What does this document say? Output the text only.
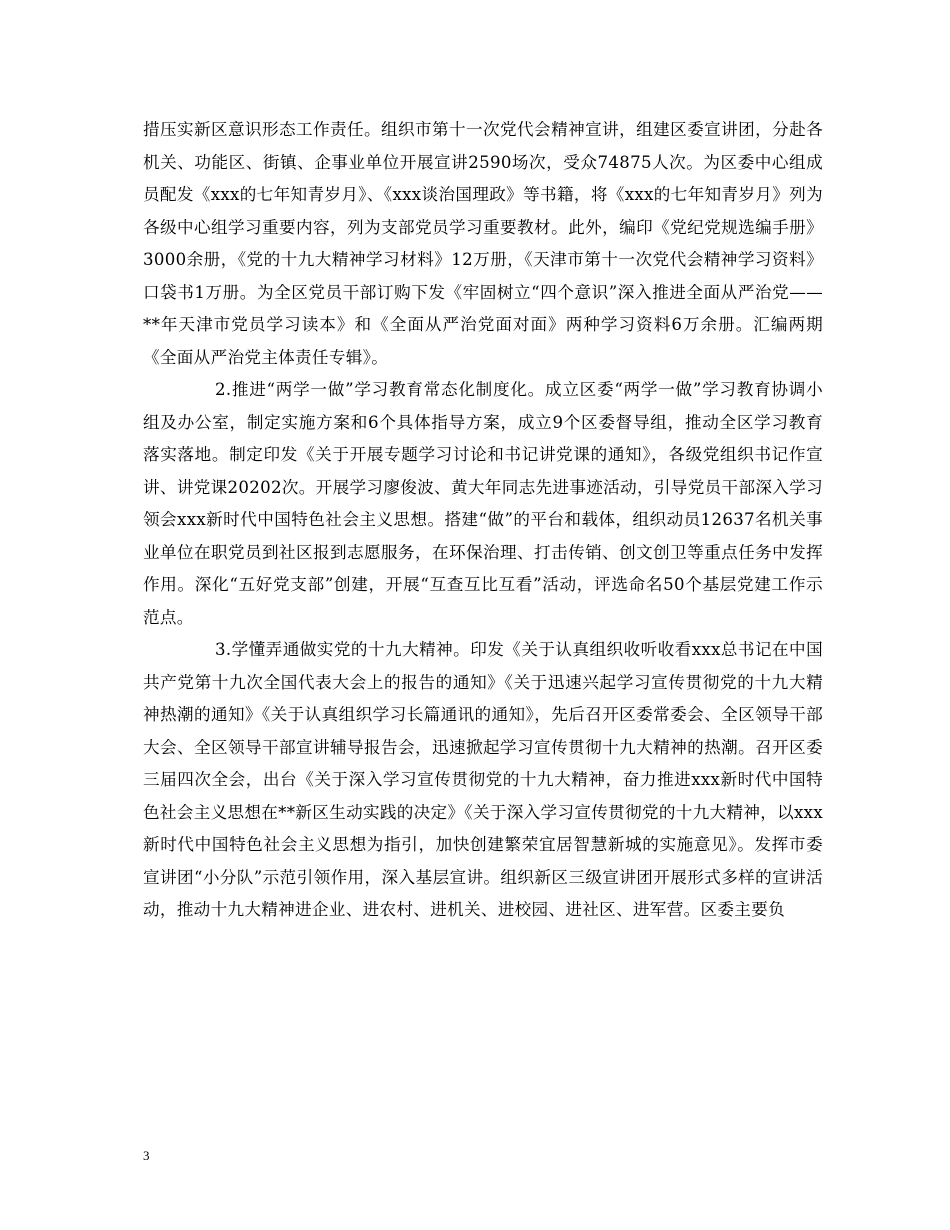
措压实新区意识形态工作责任。组织市第十一次党代会精神宣讲，组建区委宣讲团，分赴各机关、功能区、街镇、企事业单位开展宣讲2590场次，受众74875人次。为区委中心组成员配发《xxx的七年知青岁月》、《xxx谈治国理政》等书籍，将《xxx的七年知青岁月》列为各级中心组学习重要内容，列为支部党员学习重要教材。此外，编印《党纪党规选编手册》3000余册，《党的十九大精神学习材料》12万册，《天津市第十一次党代会精神学习资料》口袋书1万册。为全区党员干部订购下发《牢固树立“四个意识”深入推进全面从严治党——**年天津市党员学习读本》和《全面从严治党面对面》两种学习资料6万余册。汇编两期《全面从严治党主体责任专辑》。

2.推进“两学一做”学习教育常态化制度化。成立区委“两学一做”学习教育协调小组及办公室，制定实施方案和6个具体指导方案，成立9个区委督导组，推动全区学习教育落实落地。制定印发《关于开展专题学习讨论和书记讲党课的通知》，各级党组织书记作宣讲、讲党课20202次。开展学习廖俊波、黄大年同志先进事迹活动，引导党员干部深入学习领会xxx新时代中国特色社会主义思想。搭建“做”的平台和载体，组织动员12637名机关事业单位在职党员到社区报到志愿服务，在环保治理、打击传销、创文创卫等重点任务中发挥作用。深化“五好党支部”创建，开展“互查互比互看”活动，评选命名50个基层党建工作示范点。

3.学懂弄通做实党的十九大精神。印发《关于认真组织收听收看xxx总书记在中国共产党第十九次全国代表大会上的报告的通知》《关于迅速兴起学习宣传贯彻党的十九大精神热潮的通知》《关于认真组织学习长篇通讯的通知》，先后召开区委常委会、全区领导干部大会、全区领导干部宣讲辅导报告会，迅速掀起学习宣传贯彻十九大精神的热潮。召开区委三届四次全会，出台《关于深入学习宣传贯彻党的十九大精神，奋力推进xxx新时代中国特色社会主义思想在**新区生动实践的决定》《关于深入学习宣传贯彻党的十九大精神，以xxx新时代中国特色社会主义思想为指引，加快创建繁荣宜居智慧新城的实施意见》。发挥市委宣讲团“小分队”示范引领作用，深入基层宣讲。组织新区三级宣讲团开展形式多样的宣讲活动，推动十九大精神进企业、进农村、进机关、进校园、进社区、进军营。区委主要负

3
